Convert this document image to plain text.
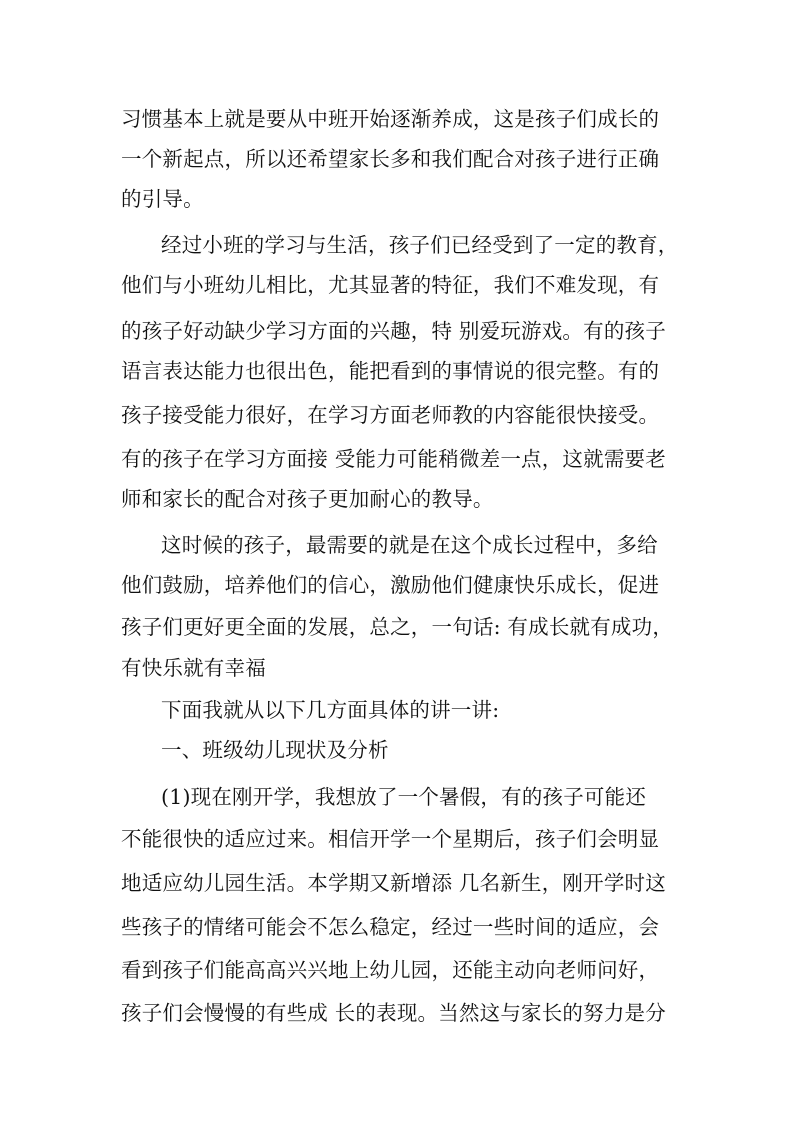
习惯基本上就是要从中班开始逐渐养成，这是孩子们成长的
一个新起点，所以还希望家长多和我们配合对孩子进行正确
的引导。
经过小班的学习与生活，孩子们已经受到了一定的教育，
他们与小班幼儿相比，尤其显著的特征，我们不难发现，有
的孩子好动缺少学习方面的兴趣，特 别爱玩游戏。有的孩子
语言表达能力也很出色，能把看到的事情说的很完整。有的
孩子接受能力很好，在学习方面老师教的内容能很快接受。
有的孩子在学习方面接 受能力可能稍微差一点，这就需要老
师和家长的配合对孩子更加耐心的教导。
这时候的孩子，最需要的就是在这个成长过程中，多给
他们鼓励，培养他们的信心，激励他们健康快乐成长，促进
孩子们更好更全面的发展，总之，一句话: 有成长就有成功，
有快乐就有幸福
下面我就从以下几方面具体的讲一讲:
一、班级幼儿现状及分析
(1)现在刚开学，我想放了一个暑假，有的孩子可能还
不能很快的适应过来。相信开学一个星期后，孩子们会明显
地适应幼儿园生活。本学期又新增添 几名新生，刚开学时这
些孩子的情绪可能会不怎么稳定，经过一些时间的适应，会
看到孩子们能高高兴兴地上幼儿园，还能主动向老师问好，
孩子们会慢慢的有些成 长的表现。当然这与家长的努力是分
